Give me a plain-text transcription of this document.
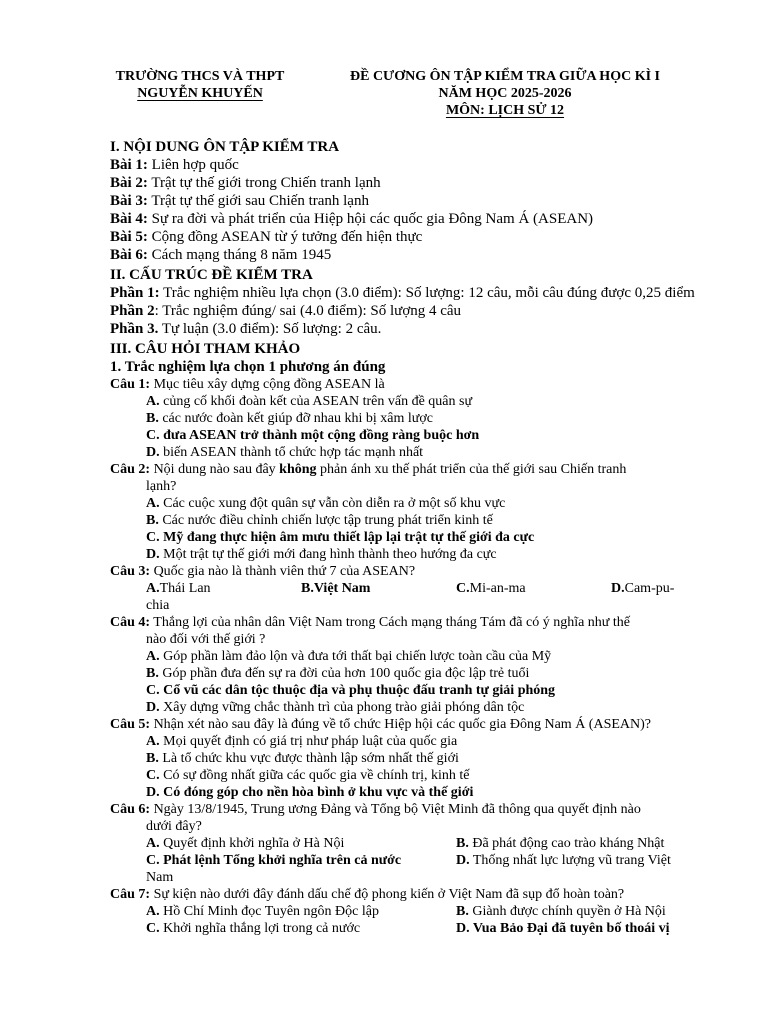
TRƯỜNG THCS VÀ THPT
NGUYỄN KHUYẾN
ĐỀ CƯƠNG ÔN TẬP KIỂM TRA GIỮA HỌC KÌ I
NĂM HỌC 2025-2026
MÔN: LỊCH SỬ 12
I. NỘI DUNG ÔN TẬP KIỂM TRA
Bài 1: Liên hợp quốc
Bài 2: Trật tự thế giới trong Chiến tranh lạnh
Bài 3: Trật tự thế giới sau Chiến tranh lạnh
Bài 4: Sự ra đời và phát triển của Hiệp hội các quốc gia Đông Nam Á (ASEAN)
Bài 5: Cộng đồng ASEAN từ ý tưởng đến hiện thực
Bài 6: Cách mạng tháng 8 năm 1945
II. CẤU TRÚC ĐỀ KIỂM TRA
Phần 1: Trắc nghiệm nhiều lựa chọn (3.0 điểm): Số lượng: 12 câu, mỗi câu đúng được 0,25 điểm
Phần 2: Trắc nghiệm đúng/ sai (4.0 điểm): Số lượng 4 câu
Phần 3. Tự luận (3.0 điểm): Số lượng: 2 câu.
III. CÂU HỎI THAM KHẢO
1. Trắc nghiệm lựa chọn 1 phương án đúng
Câu 1: Mục tiêu xây dựng cộng đồng ASEAN là
A. củng cố khối đoàn kết của ASEAN trên vấn đề quân sự
B. các nước đoàn kết giúp đỡ nhau khi bị xâm lược
C. đưa ASEAN trở thành một cộng đồng ràng buộc hơn
D. biến ASEAN thành tổ chức hợp tác mạnh nhất
Câu 2: Nội dung nào sau đây không phản ánh xu thế phát triển của thế giới sau Chiến tranh
lạnh?
A. Các cuộc xung đột quân sự vẫn còn diễn ra ở một số khu vực
B. Các nước điều chỉnh chiến lược tập trung phát triển kinh tế
C. Mỹ đang thực hiện âm mưu thiết lập lại trật tự thế giới đa cực
D. Một trật tự thế giới mới đang hình thành theo hướng đa cực
Câu 3: Quốc gia nào là thành viên thứ 7 của ASEAN?
A.Thái Lan	B.Việt Nam	C.Mi-an-ma	D.Cam-pu-
chia
Câu 4: Thắng lợi của nhân dân Việt Nam trong Cách mạng tháng Tám đã có ý nghĩa như thế
nào đối với thế giới ?
A. Góp phần làm đảo lộn và đưa tới thất bại chiến lược toàn cầu của Mỹ
B. Góp phần đưa đến sự ra đời của hơn 100 quốc gia độc lập trẻ tuổi
C. Cổ vũ các dân tộc thuộc địa và phụ thuộc đấu tranh tự giải phóng
D. Xây dựng vững chắc thành trì của phong trào giải phóng dân tộc
Câu 5: Nhận xét nào sau đây là đúng về tổ chức Hiệp hội các quốc gia Đông Nam Á (ASEAN)?
A. Mọi quyết định có giá trị như pháp luật của quốc gia
B. Là tổ chức khu vực được thành lập sớm nhất thế giới
C. Có sự đồng nhất giữa các quốc gia về chính trị, kinh tế
D. Có đóng góp cho nền hòa bình ở khu vực và thế giới
Câu 6: Ngày 13/8/1945, Trung ương Đảng và Tổng bộ Việt Minh đã thông qua quyết định nào
dưới đây?
A. Quyết định khởi nghĩa ở Hà Nội	B. Đã phát động cao trào kháng Nhật
C. Phát lệnh Tổng khởi nghĩa trên cả nước	D. Thống nhất lực lượng vũ trang Việt
Nam
Câu 7: Sự kiện nào dưới đây đánh dấu chế độ phong kiến ở Việt Nam đã sụp đổ hoàn toàn?
A. Hồ Chí Minh đọc Tuyên ngôn Độc lập	B. Giành được chính quyền ở Hà Nội
C. Khởi nghĩa thắng lợi trong cả nước	D. Vua Bảo Đại đã tuyên bố thoái vị
